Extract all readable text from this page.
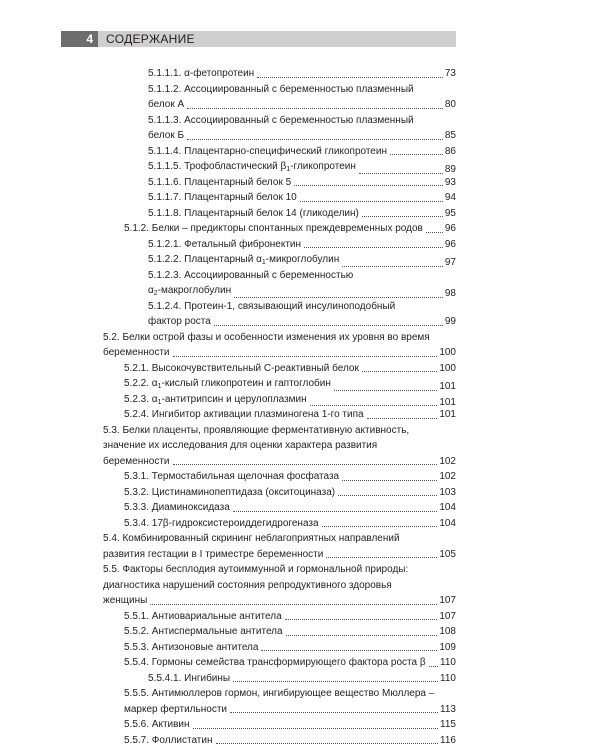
4	СОДЕРЖАНИЕ
5.1.1.1. α-фетопротеин	73
5.1.1.2. Ассоциированный с беременностью плазменный
белок А	80
5.1.1.3. Ассоциированный с беременностью плазменный
белок Б	85
5.1.1.4. Плацентарно-специфический гликопротеин	86
5.1.1.5. Трофобластический $\beta_1$-гликопротеин	89
5.1.1.6. Плацентарный белок 5	93
5.1.1.7. Плацентарный белок 10	94
5.1.1.8. Плацентарный белок 14 (гликоделин)	95
5.1.2. Белки – предикторы спонтанных преждевременных родов 96
5.1.2.1. Фетальный фибронектин	96
5.1.2.2. Плацентарный $\alpha_1$-микроглобулин	97
5.1.2.3. Ассоциированный с беременностью
$\alpha_2$-макроглобулин	98
5.1.2.4. Протеин-1, связывающий инсулиноподобный
фактор роста	99
5.2. Белки острой фазы и особенности изменения их уровня во время
беременности	100
5.2.1. Высокочувствительный С-реактивный белок	100
5.2.2. $\alpha_1$-кислый гликопротеин и гаптоглобин	101
5.2.3. $\alpha_1$-антитрипсин и церулоплазмин	101
5.2.4. Ингибитор активации плазминогена 1-го типа	101
5.3. Белки плаценты, проявляющие ферментативную активность,
значение их исследования для оценки характера развития
беременности	102
5.3.1. Термостабильная щелочная фосфатаза	102
5.3.2. Цистинаминопептидаза (окситоциназа)	103
5.3.3. Диаминоксидаза	104
5.3.4. 17β-гидроксистероиддегидрогеназа	104
5.4. Комбинированный скрининг неблагоприятных направлений
развития гестации в I триместре беременности	105
5.5. Факторы бесплодия аутоиммунной и гормональной природы:
диагностика нарушений состояния репродуктивного здоровья
женщины	107
5.5.1. Антиовариальные антитела	107
5.5.2. Антиспермальные антитела	108
5.5.3. Антизоновые антитела	109
5.5.4. Гормоны семейства трансформирующего фактора роста β 110
5.5.4.1. Ингибины	110
5.5.5. Антимюллеров гормон, ингибирующее вещество Мюллера –
маркер фертильности	113
5.5.6. Активин	115
5.5.7. Фоллистатин	116
